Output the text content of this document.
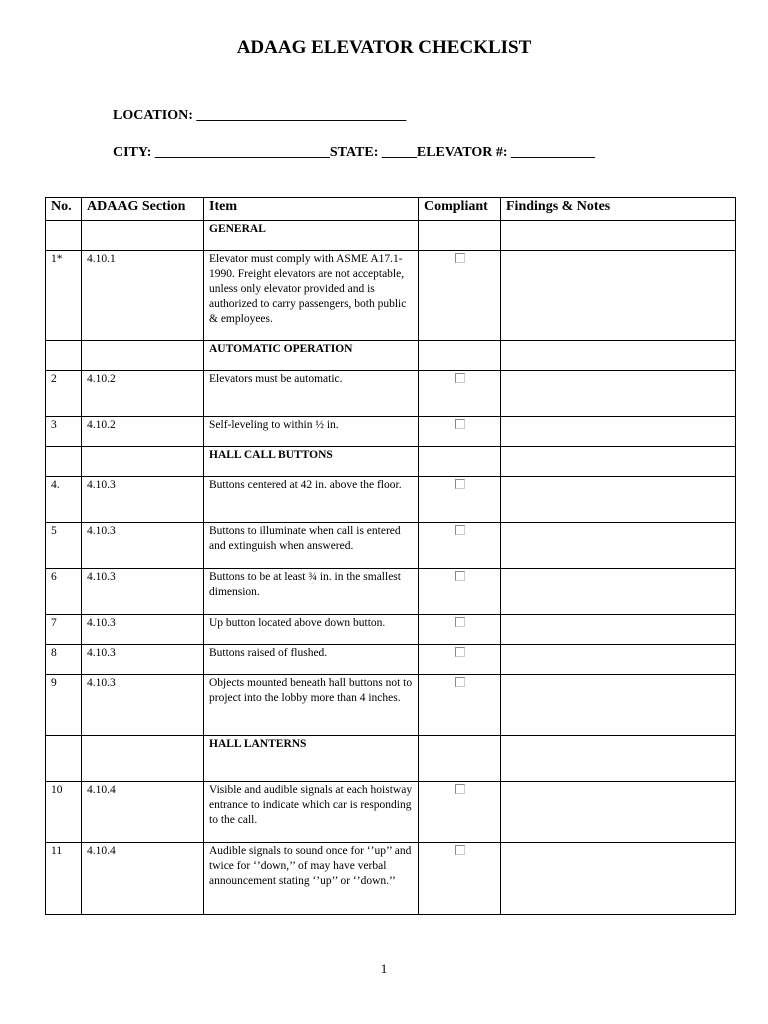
ADAAG ELEVATOR CHECKLIST
LOCATION: ______________________________
CITY: _________________________STATE: _____ELEVATOR #: ____________
No.	ADAAG Section	Item	Compliant	Findings & Notes
		GENERAL		
1*	4.10.1	Elevator must comply with ASME A17.1-1990. Freight elevators are not acceptable, unless only elevator provided and is authorized to carry passengers, both public & employees.		
		AUTOMATIC OPERATION		
2	4.10.2	Elevators must be automatic.		
3	4.10.2	Self-leveling to within ½ in.		
		HALL CALL BUTTONS		
4.	4.10.3	Buttons centered at 42 in. above the floor.		
5	4.10.3	Buttons to illuminate when call is entered and extinguish when answered.		
6	4.10.3	Buttons to be at least ¾ in. in the smallest dimension.		
7	4.10.3	Up button located above down button.		
8	4.10.3	Buttons raised of flushed.		
9	4.10.3	Objects mounted beneath hall buttons not to project into the lobby more than 4 inches.		
		HALL LANTERNS		
10	4.10.4	Visible and audible signals at each hoistway entrance to indicate which car is responding to the call.		
11	4.10.4	Audible signals to sound once for ‘’up’’ and twice for ‘’down,’’ of may have verbal announcement stating ‘’up’’ or ‘’down.’’		
1
